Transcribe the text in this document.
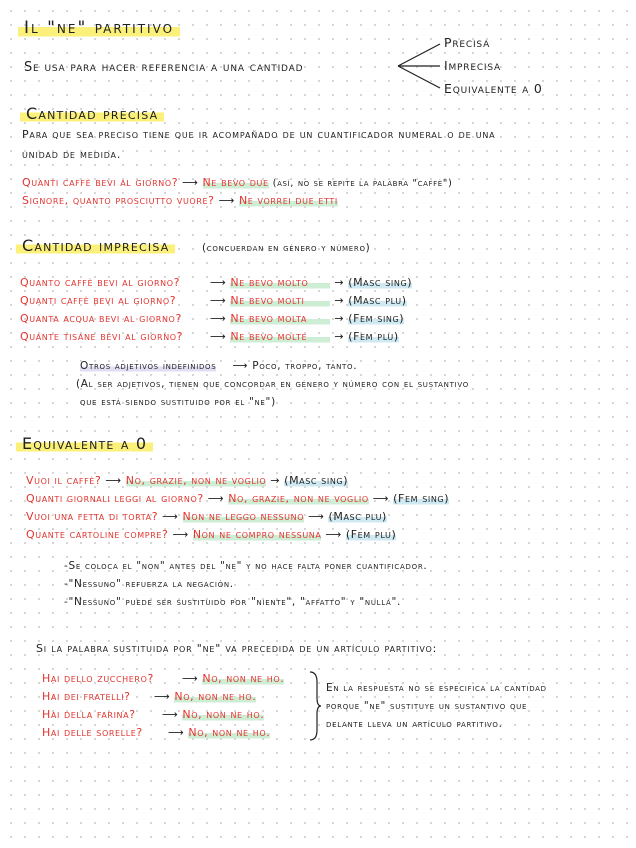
Il "ne" partitivo
Se usa para hacer referencia a una cantidad
Precisa
Imprecisa
Equivalente a 0
Cantidad precisa
Para que sea preciso tiene que ir acompañado de un cuantificador numeral o de una
unidad de medida.
Quanti caffè bevi al giorno? ⟶ Ne bevo due (así, no se repite la palabra "caffè")
Signore, quanto prosciutto vuore? ⟶ Ne vorrei due etti
Cantidad imprecisa	(concuerdan en género y número)
Quanto caffè bevi al giorno?	⟶ Ne bevo molto	→ (Masc sing)
Quanti caffè bevi al giorno?	⟶ Ne bevo molti	→ (Masc plu)
Quanta acqua bevi al giorno?	⟶ Ne bevo molta	→ (Fem sing)
Quante tisane bevi al giorno?	⟶ Ne bevo molte	→ (Fem plu)
Otros adjetivos indefinidos ⟶ Poco, troppo, tanto.
(Al ser adjetivos, tienen que concordar en género y número con el sustantivo
que está siendo sustituido por el "ne")
Equivalente a 0
Vuoi il caffè? ⟶ No, grazie, non ne voglio → (Masc sing)
Quanti giornali leggi al giorno? ⟶ No, grazie, non ne voglio ⟶ (Fem sing)
Vuoi una fetta di torta? ⟶ Non ne leggo nessuno ⟶ (Masc plu)
Quante cartoline compre? ⟶ Non ne compro nessuna ⟶ (Fem plu)
-Se coloca el "non" antes del "ne" y no hace falta poner cuantificador.
-"Nessuno" refuerza la negación.
-"Nessuno" puede ser sustituido por "niente", "affatto" y "nulla".
Si la palabra sustituida por "ne" va precedida de un artículo partitivo:
Hai dello zucchero?	⟶ No, non ne ho.
Hai dei fratelli?	⟶ No, non ne ho.
Hai della farina?	⟶ No, non ne ho.
Hai delle sorelle?	⟶ No, non ne ho.
En la respuesta no se especifica la cantidad
porque "ne" sustituye un sustantivo que
delante lleva un artículo partitivo.
